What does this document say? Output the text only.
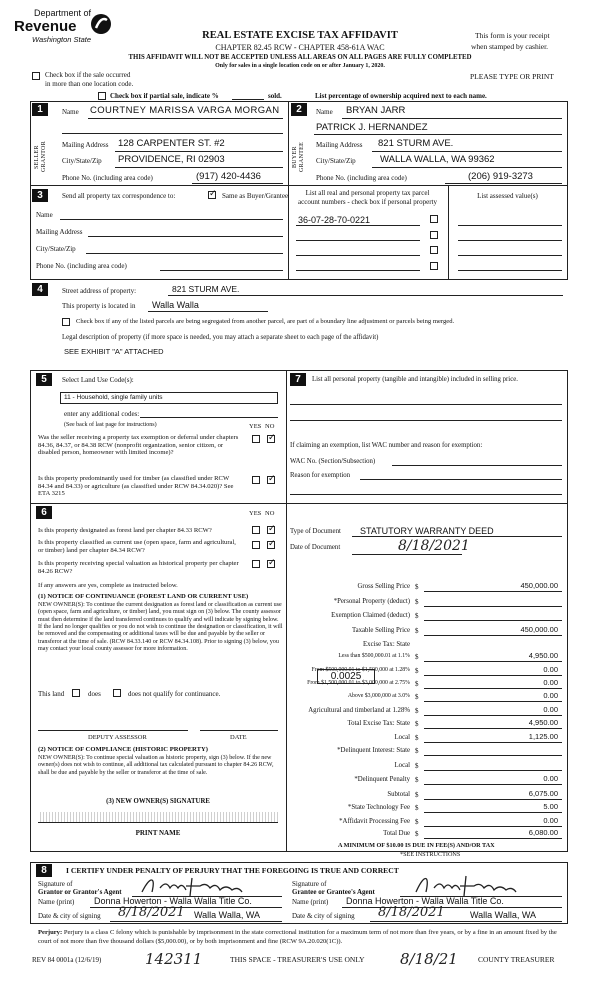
Department of
Revenue
Washington State	REAL ESTATE EXCISE TAX AFFIDAVIT
CHAPTER 82.45 RCW - CHAPTER 458-61A WAC
THIS AFFIDAVIT WILL NOT BE ACCEPTED UNLESS ALL AREAS ON ALL PAGES ARE FULLY COMPLETED
Only for sales in a single location code on or after January 1, 2020.
This form is your receipt
when stamped by cashier.
PLEASE TYPE OR PRINT
Check box if the sale occurred
in more than one location code.
Check box if partial sale, indicate %	sold.	List percentage of ownership acquired next to each name.
1
SELLER GRANTOR
Name COURTNEY MARISSA VARGA MORGAN
Mailing Address 128 CARPENTER ST. #2
City/State/Zip PROVIDENCE, RI 02903
Phone No. (including area code)	(917) 420-4436
2
BUYER GRANTEE
Name BRYAN JARR
PATRICK J. HERNANDEZ
Mailing Address 821 STURM AVE.
City/State/Zip	WALLA WALLA, WA 99362
Phone No. (including area code)	(206) 919-3273
3	Send all property tax correspondence to:
✓	Same as Buyer/Grantee
Name
Mailing Address
City/State/Zip
Phone No. (including area code)
List all real and personal property tax parcel
account numbers - check box if personal property
List assessed value(s)
36-07-28-70-0221
4	Street address of property:	821 STURM AVE.
This property is located in Walla Walla
Check box if any of the listed parcels are being segregated from another parcel, are part of a boundary line adjustment or parcels being merged.
Legal description of property (if more space is needed, you may attach a separate sheet to each page of the affidavit)
SEE EXHIBIT "A" ATTACHED
5	Select Land Use Code(s):
11 - Household, single family units
enter any additional codes:
(See back of last page for instructions)	YES NO
Was the seller receiving a property tax exemption or deferral under chapters 84.36, 84.37, or 84.38 RCW (nonprofit organization, senior citizen, or disabled person, homeowner with limited income)?
✓
Is this property predominantly used for timber (as classified under RCW 84.34 and 84.33) or agriculture (as classified under RCW 84.34.020)? See ETA 3215
✓
6	YES NO
Is this property designated as forest land per chapter 84.33 RCW?
✓
Is this property classified as current use (open space, farm and agricultural, or timber) land per chapter 84.34 RCW?
✓
Is this property receiving special valuation as historical property per chapter 84.26 RCW?
✓
If any answers are yes, complete as instructed below.
(1) NOTICE OF CONTINUANCE (FOREST LAND OR CURRENT USE)
NEW OWNER(S): To continue the current designation as forest land or classification as current use (open space, farm and agriculture, or timber) land, you must sign on (3) below. The county assessor must then determine if the land transferred continues to qualify and will indicate by signing below. If the land no longer qualifies or you do not wish to continue the designation or classification, it will be removed and the compensating or additional taxes will be due and payable by the seller or transferor at the time of sale. (RCW 84.33.140 or RCW 84.34.108). Prior to signing (3) below, you may contact your local county assessor for more information.
This land	does	does not qualify for continuance.
DEPUTY ASSESSOR	DATE
(2) NOTICE OF COMPLIANCE (HISTORIC PROPERTY)
NEW OWNER(S): To continue special valuation as historic property, sign (3) below. If the new owner(s) does not wish to continue, all additional tax calculated pursuant to chapter 84.26 RCW, shall be due and payable by the seller or transferor at the time of sale.
(3) NEW OWNER(S) SIGNATURE
PRINT NAME
7	List all personal property (tangible and intangible) included in selling price.
If claiming an exemption, list WAC number and reason for exemption:
WAC No. (Section/Subsection)
Reason for exemption
Type of Document STATUTORY WARRANTY DEED
Date of Document	8/18/2021
Gross Selling Price $	450,000.00
*Personal Property (deduct) $
Exemption Claimed (deduct) $
Taxable Selling Price $	450,000.00
Excise Tax: State
Less than $500,000.01 at 1.1% $	4,950.00
From $500,000.01 to $1,500,000 at 1.28% $	0.00
From $1,500,000.01 to $3,000,000 at 2.75% $	0.00
Above $3,000,000 at 3.0% $	0.00
Agricultural and timberland at 1.28% $	0.00
Total Excise Tax: State $	4,950.00
Local $	1,125.00
*Delinquent Interest: State $
Local $
*Delinquent Penalty $	0.00
Subtotal $	6,075.00
*State Technology Fee $	5.00
*Affidavit Processing Fee $	0.00
Total Due $	6,080.00
0.0025
A MINIMUM OF $10.00 IS DUE IN FEE(S) AND/OR TAX
*SEE INSTRUCTIONS
8	I CERTIFY UNDER PENALTY OF PERJURY THAT THE FOREGOING IS TRUE AND CORRECT
Signature of
Grantor or Grantor's Agent
Name (print) Donna Howerton - Walla Walla Title Co.
Date & city of signing 8/18/2021 Walla Walla, WA
Signature of
Grantee or Grantee's Agent
Name (print) Donna Howerton - Walla Walla Title Co.
Date & city of signing 8/18/2021	Walla Walla, WA
Perjury: Perjury is a class C felony which is punishable by imprisonment in the state correctional institution for a maximum term of not more than five years, or by a fine in an amount fixed by the court of not more than five thousand dollars ($5,000.00), or by both imprisonment and fine (RCW 9A.20.020(1C)).
REV 84 0001a (12/6/19)	142311	THIS SPACE - TREASURER'S USE ONLY 8/18/21	COUNTY TREASURER
